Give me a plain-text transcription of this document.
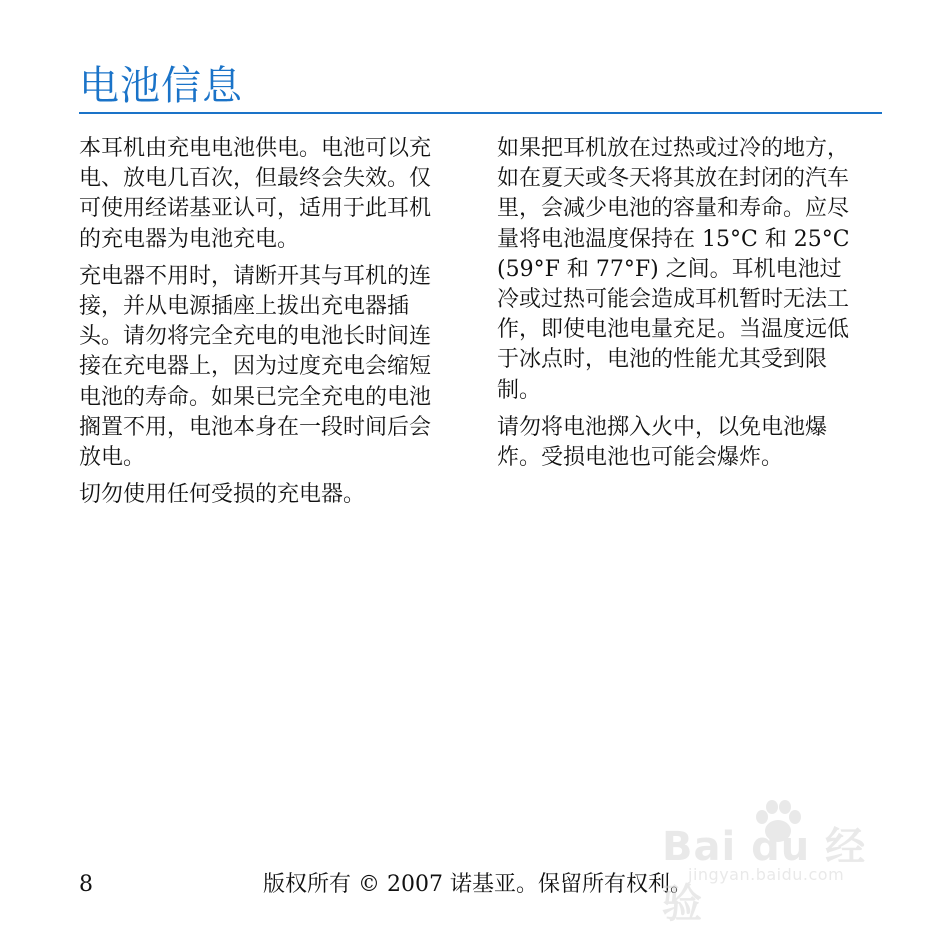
电池信息

本耳机由充电电池供电。电池可以充电、放电几百次，但最终会失效。仅可使用经诺基亚认可，适用于此耳机的充电器为电池充电。

充电器不用时，请断开其与耳机的连接，并从电源插座上拔出充电器插头。请勿将完全充电的电池长时间连接在充电器上，因为过度充电会缩短电池的寿命。如果已完全充电的电池搁置不用，电池本身在一段时间后会放电。

切勿使用任何受损的充电器。

如果把耳机放在过热或过冷的地方，如在夏天或冬天将其放在封闭的汽车里，会减少电池的容量和寿命。应尽量将电池温度保持在 15°C 和 25°C (59°F 和 77°F) 之间。耳机电池过冷或过热可能会造成耳机暂时无法工作，即使电池电量充足。当温度远低于冰点时，电池的性能尤其受到限制。

请勿将电池掷入火中，以免电池爆炸。受损电池也可能会爆炸。

8	版权所有 © 2007 诺基亚。保留所有权利。
Bai du 经验
jingyan.baidu.com
